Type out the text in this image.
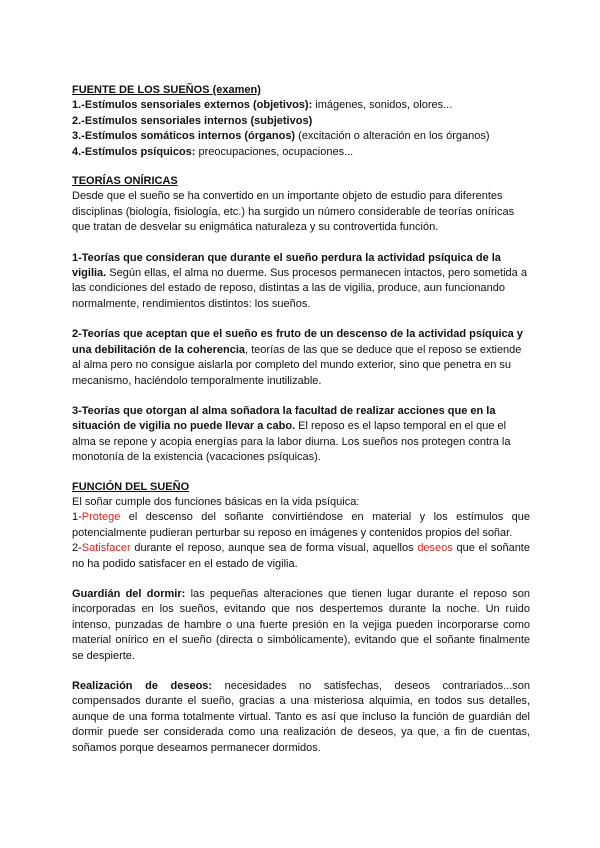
FUENTE DE LOS SUEÑOS (examen)

1.-Estímulos sensoriales externos (objetivos): imágenes, sonidos, olores...

2.-Estímulos sensoriales internos (subjetivos)

3.-Estímulos somáticos internos (órganos) (excitación o alteración en los órganos)

4.-Estímulos psíquicos: preocupaciones, ocupaciones...

TEORÍAS ONÍRICAS

Desde que el sueño se ha convertido en un importante objeto de estudio para diferentes disciplinas (biología, fisiología, etc.) ha surgido un número considerable de teorías oníricas que tratan de desvelar su enigmática naturaleza y su controvertida función.

1-Teorías que consideran que durante el sueño perdura la actividad psíquica de la vigilia. Según ellas, el alma no duerme. Sus procesos permanecen intactos, pero sometida a las condiciones del estado de reposo, distintas a las de vigilia, produce, aun funcionando normalmente, rendimientos distintos: los sueños.

2-Teorías que aceptan que el sueño es fruto de un descenso de la actividad psíquica y una debilitación de la coherencia, teorías de las que se deduce que el reposo se extiende al alma pero no consigue aislarla por completo del mundo exterior, sino que penetra en su mecanismo, haciéndolo temporalmente inutilizable.

3-Teorías que otorgan al alma soñadora la facultad de realizar acciones que en la situación de vigilia no puede llevar a cabo. El reposo es el lapso temporal en el que el alma se repone y acopia energías para la labor diurna. Los sueños nos protegen contra la monotonía de la existencia (vacaciones psíquicas).

FUNCIÓN DEL SUEÑO

El soñar cumple dos funciones básicas en la vida psíquica:

1-Protege el descenso del soñante convirtiéndose en material y los estímulos que potencialmente pudieran perturbar su reposo en imágenes y contenidos propios del soñar.

2-Satisfacer durante el reposo, aunque sea de forma visual, aquellos deseos que el soñante no ha podido satisfacer en el estado de vigilia.

Guardián del dormir: las pequeñas alteraciones que tienen lugar durante el reposo son incorporadas en los sueños, evitando que nos despertemos durante la noche. Un ruido intenso, punzadas de hambre o una fuerte presión en la vejiga pueden incorporarse como material onírico en el sueño (directa o simbólicamente), evitando que el soñante finalmente se despierte.

Realización de deseos: necesidades no satisfechas, deseos contrariados...son compensados durante el sueño, gracias a una misteriosa alquimia, en todos sus detalles, aunque de una forma totalmente virtual. Tanto es así que incluso la función de guardián del dormir puede ser considerada como una realización de deseos, ya que, a fin de cuentas, soñamos porque deseamos permanecer dormidos.
